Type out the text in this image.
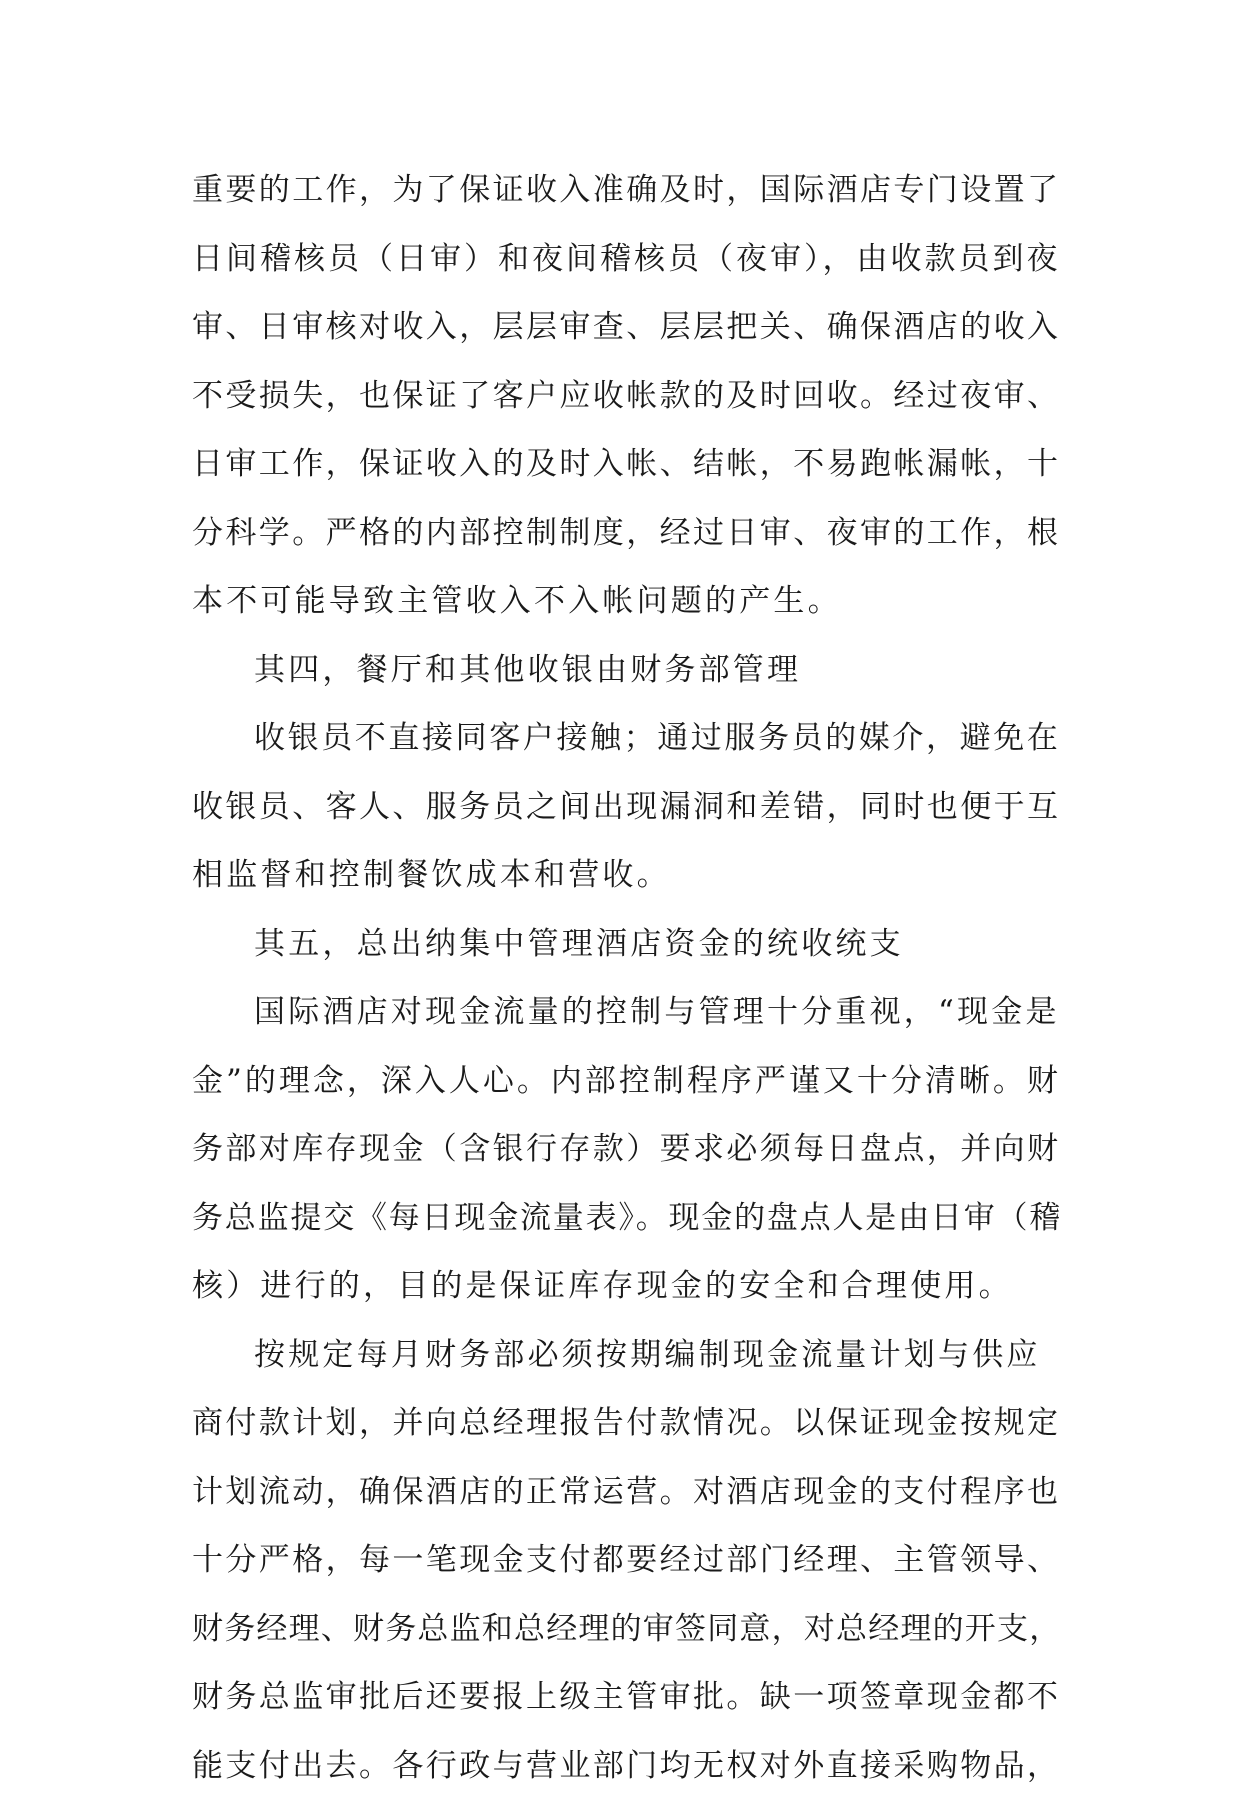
重要的工作，为了保证收入准确及时，国际酒店专门设置了
日间稽核员（日审）和夜间稽核员（夜审），由收款员到夜
审、日审核对收入，层层审查、层层把关、确保酒店的收入
不受损失，也保证了客户应收帐款的及时回收。经过夜审、
日审工作，保证收入的及时入帐、结帐，不易跑帐漏帐，十
分科学。严格的内部控制制度，经过日审、夜审的工作，根
本不可能导致主管收入不入帐问题的产生。
其四，餐厅和其他收银由财务部管理
收银员不直接同客户接触；通过服务员的媒介，避免在
收银员、客人、服务员之间出现漏洞和差错，同时也便于互
相监督和控制餐饮成本和营收。
其五，总出纳集中管理酒店资金的统收统支
国际酒店对现金流量的控制与管理十分重视，“现金是
金”的理念，深入人心。内部控制程序严谨又十分清晰。财
务部对库存现金（含银行存款）要求必须每日盘点，并向财
务总监提交《每日现金流量表》。现金的盘点人是由日审（稽
核）进行的，目的是保证库存现金的安全和合理使用。
按规定每月财务部必须按期编制现金流量计划与供应
商付款计划，并向总经理报告付款情况。以保证现金按规定
计划流动，确保酒店的正常运营。对酒店现金的支付程序也
十分严格，每一笔现金支付都要经过部门经理、主管领导、
财务经理、财务总监和总经理的审签同意，对总经理的开支，
财务总监审批后还要报上级主管审批。缺一项签章现金都不
能支付出去。各行政与营业部门均无权对外直接采购物品，
